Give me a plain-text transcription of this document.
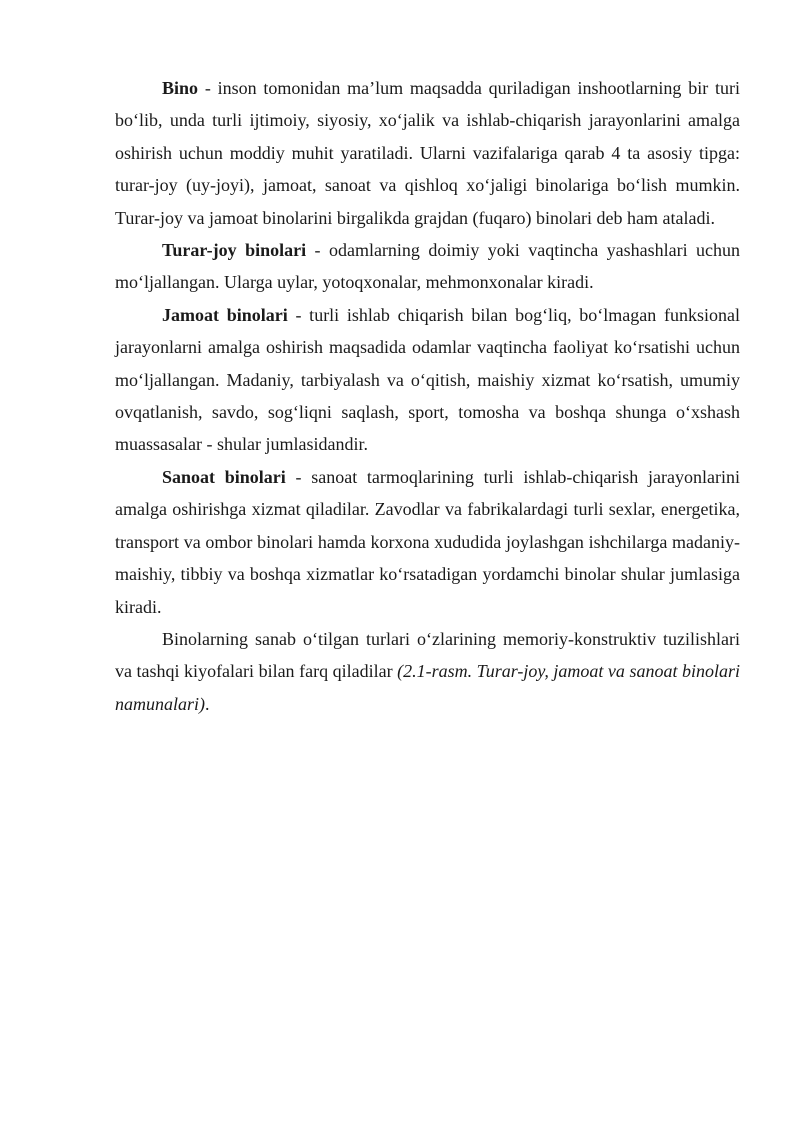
Bino - inson tomonidan ma’lum maqsadda quriladigan inshootlarning bir turi bo‘lib, unda turli ijtimoiy, siyosiy, xo‘jalik va ishlab-chiqarish jarayonlarini amalga oshirish uchun moddiy muhit yaratiladi. Ularni vazifalariga qarab 4 ta asosiy tipga: turar-joy (uy-joyi), jamoat, sanoat va qishloq xo‘jaligi binolariga bo‘lish mumkin. Turar-joy va jamoat binolarini birgalikda grajdan (fuqaro) binolari deb ham ataladi.

Turar-joy binolari - odamlarning doimiy yoki vaqtincha yashashlari uchun mo‘ljallangan. Ularga uylar, yotoqxonalar, mehmonxonalar kiradi.

Jamoat binolari - turli ishlab chiqarish bilan bog‘liq, bo‘lmagan funksional jarayonlarni amalga oshirish maqsadida odamlar vaqtincha faoliyat ko‘rsatishi uchun mo‘ljallangan. Madaniy, tarbiyalash va o‘qitish, maishiy xizmat ko‘rsatish, umumiy ovqatlanish, savdo, sog‘liqni saqlash, sport, tomosha va boshqa shunga o‘xshash muassasalar - shular jumlasidandir.

Sanoat binolari - sanoat tarmoqlarining turli ishlab-chiqarish jarayonlarini amalga oshirishga xizmat qiladilar. Zavodlar va fabrikalardagi turli sexlar, energetika, transport va ombor binolari hamda korxona xududida joylashgan ishchilarga madaniy-maishiy, tibbiy va boshqa xizmatlar ko‘rsatadigan yordamchi binolar shular jumlasiga kiradi.

Binolarning sanab o‘tilgan turlari o‘zlarining memoriy-konstruktiv tuzilishlari va tashqi kiyofalari bilan farq qiladilar (2.1-rasm. Turar-joy, jamoat va sanoat binolari namunalari).
